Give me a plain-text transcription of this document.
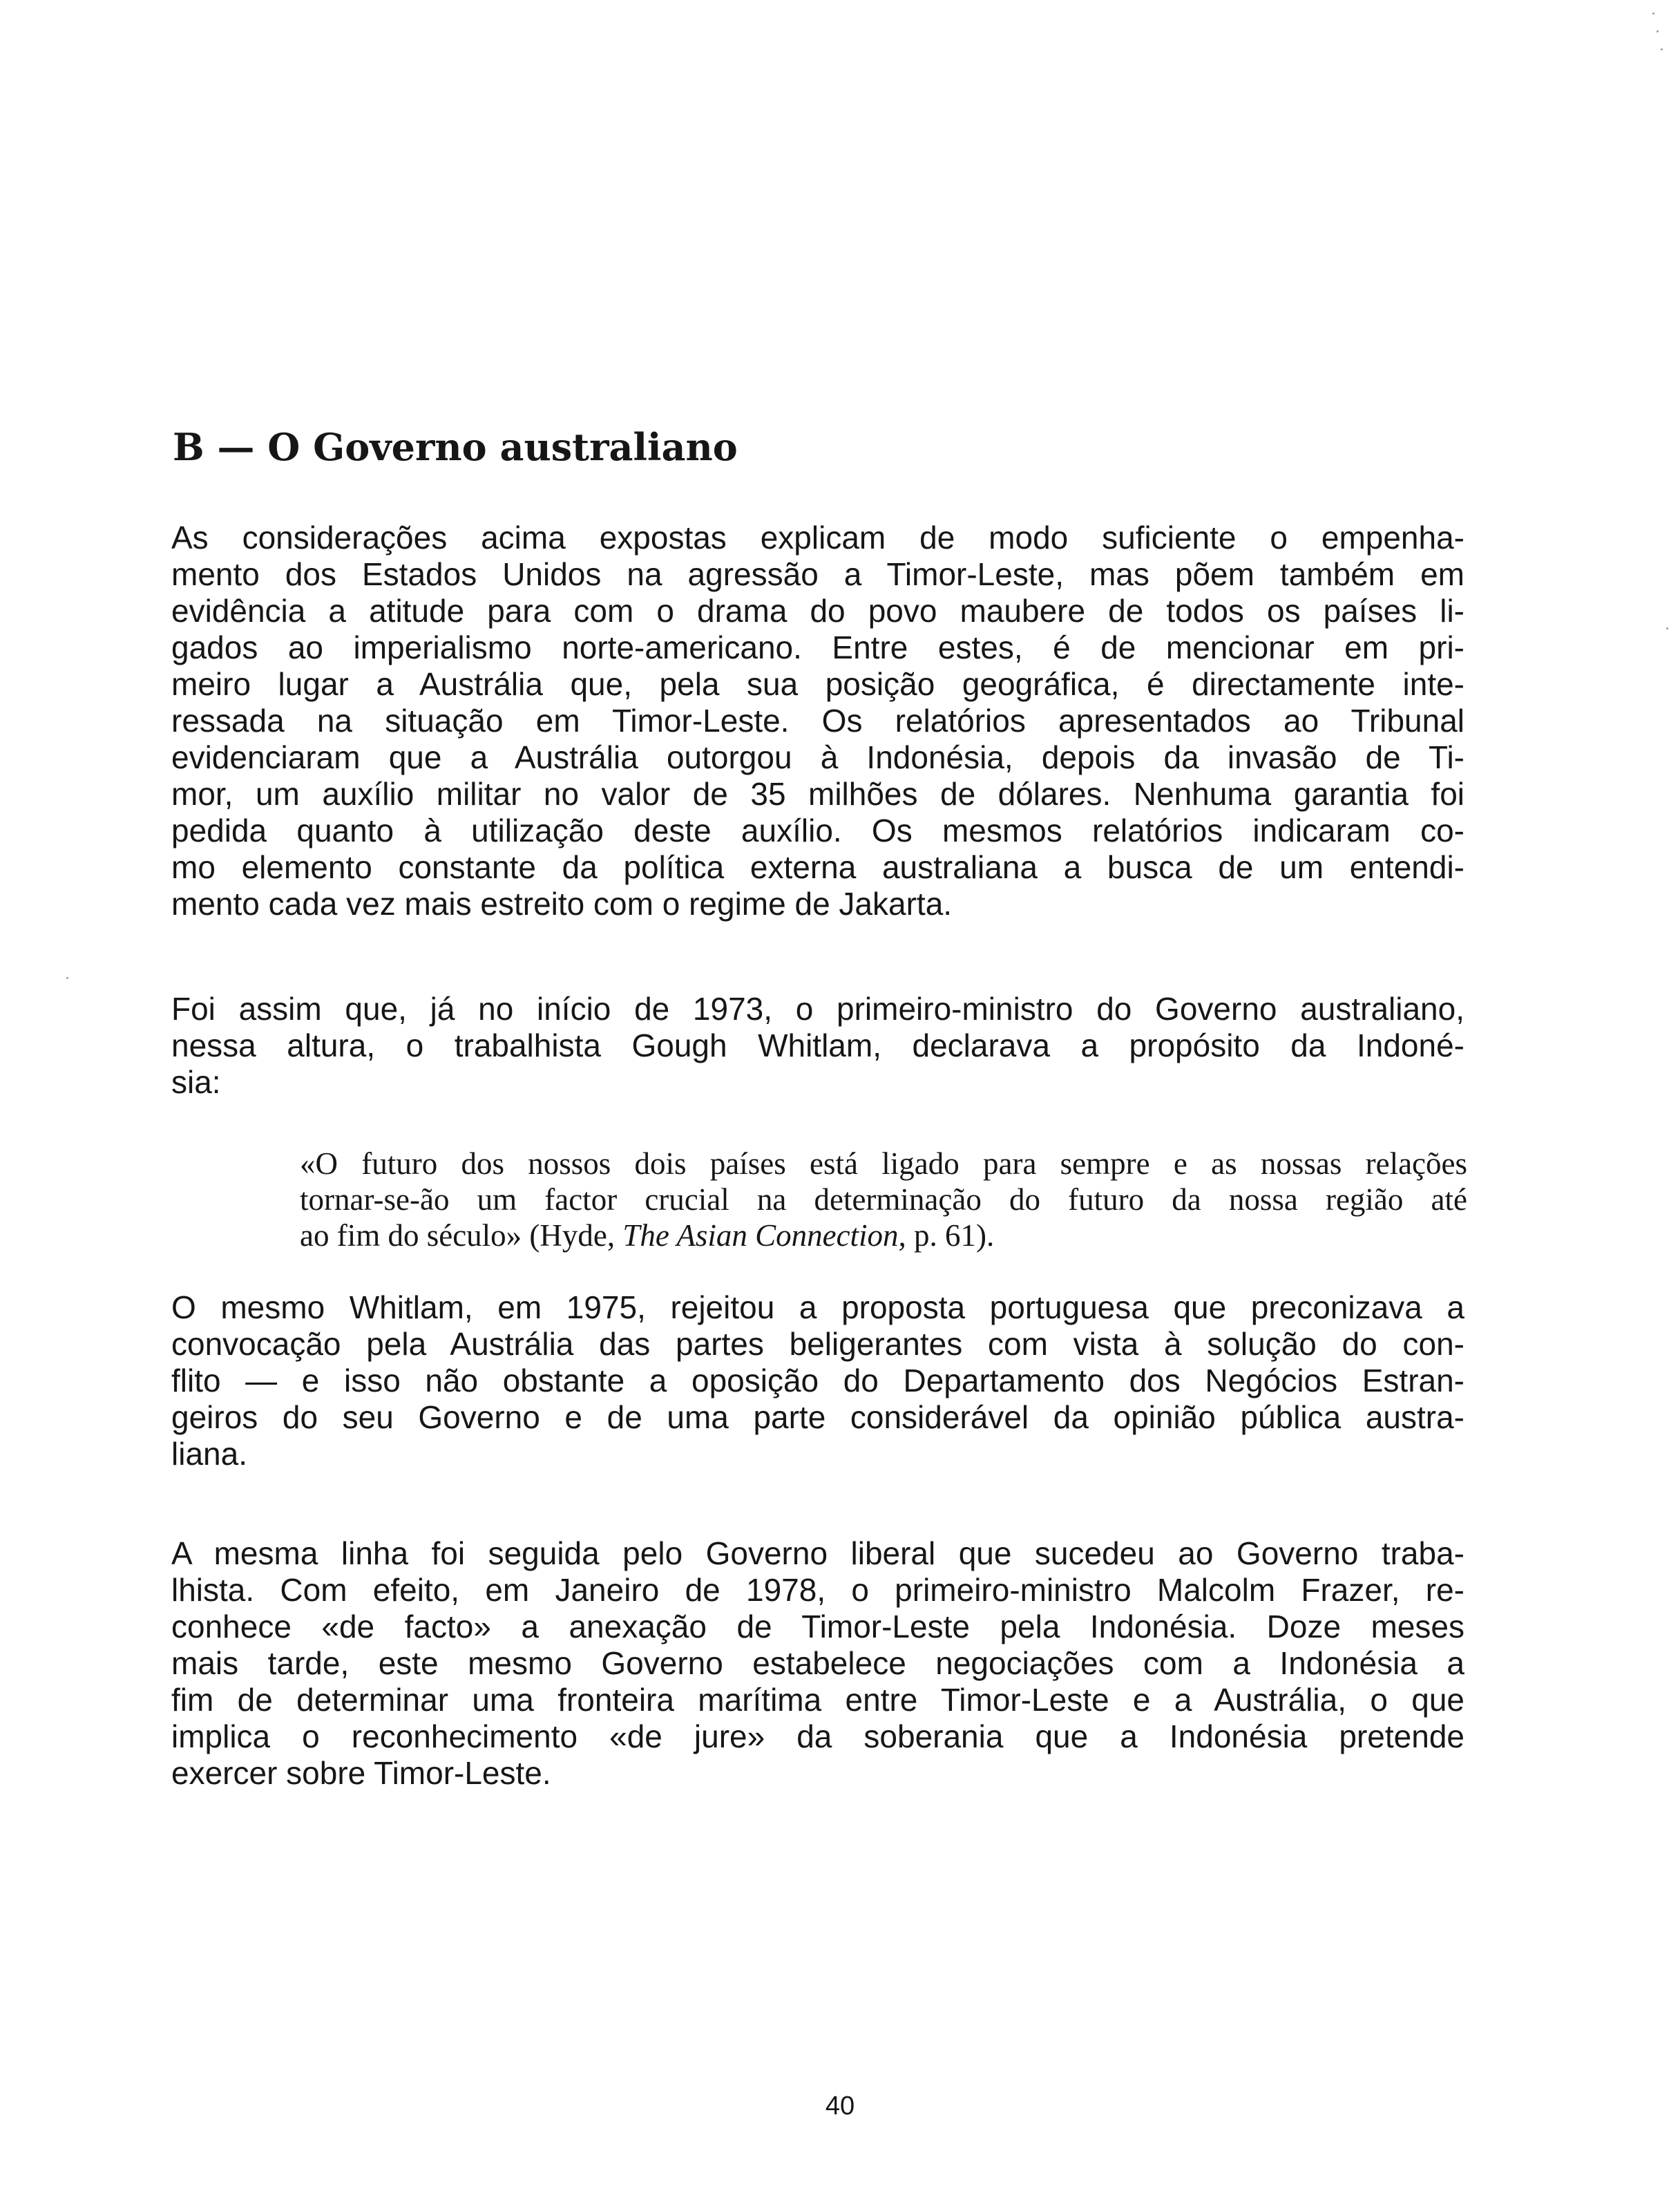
B — O Governo australiano

As considerações acima expostas explicam de modo suficiente o empenha-
mento dos Estados Unidos na agressão a Timor-Leste, mas põem também em
evidência a atitude para com o drama do povo maubere de todos os países li-
gados ao imperialismo norte-americano. Entre estes, é de mencionar em pri-
meiro lugar a Austrália que, pela sua posição geográfica, é directamente inte-
ressada na situação em Timor-Leste. Os relatórios apresentados ao Tribunal
evidenciaram que a Austrália outorgou à Indonésia, depois da invasão de Ti-
mor, um auxílio militar no valor de 35 milhões de dólares. Nenhuma garantia foi
pedida quanto à utilização deste auxílio. Os mesmos relatórios indicaram co-
mo elemento constante da política externa australiana a busca de um entendi-
mento cada vez mais estreito com o regime de Jakarta.

Foi assim que, já no início de 1973, o primeiro-ministro do Governo australiano,
nessa altura, o trabalhista Gough Whitlam, declarava a propósito da Indoné-
sia:

«O futuro dos nossos dois países está ligado para sempre e as nossas relações
tornar-se-ão um factor crucial na determinação do futuro da nossa região até
ao fim do século» (Hyde, The Asian Connection, p. 61).

O mesmo Whitlam, em 1975, rejeitou a proposta portuguesa que preconizava a
convocação pela Austrália das partes beligerantes com vista à solução do con-
flito — e isso não obstante a oposição do Departamento dos Negócios Estran-
geiros do seu Governo e de uma parte considerável da opinião pública austra-
liana.

A mesma linha foi seguida pelo Governo liberal que sucedeu ao Governo traba-
lhista. Com efeito, em Janeiro de 1978, o primeiro-ministro Malcolm Frazer, re-
conhece «de facto» a anexação de Timor-Leste pela Indonésia. Doze meses
mais tarde, este mesmo Governo estabelece negociações com a Indonésia a
fim de determinar uma fronteira marítima entre Timor-Leste e a Austrália, o que
implica o reconhecimento «de jure» da soberania que a Indonésia pretende
exercer sobre Timor-Leste.

40
